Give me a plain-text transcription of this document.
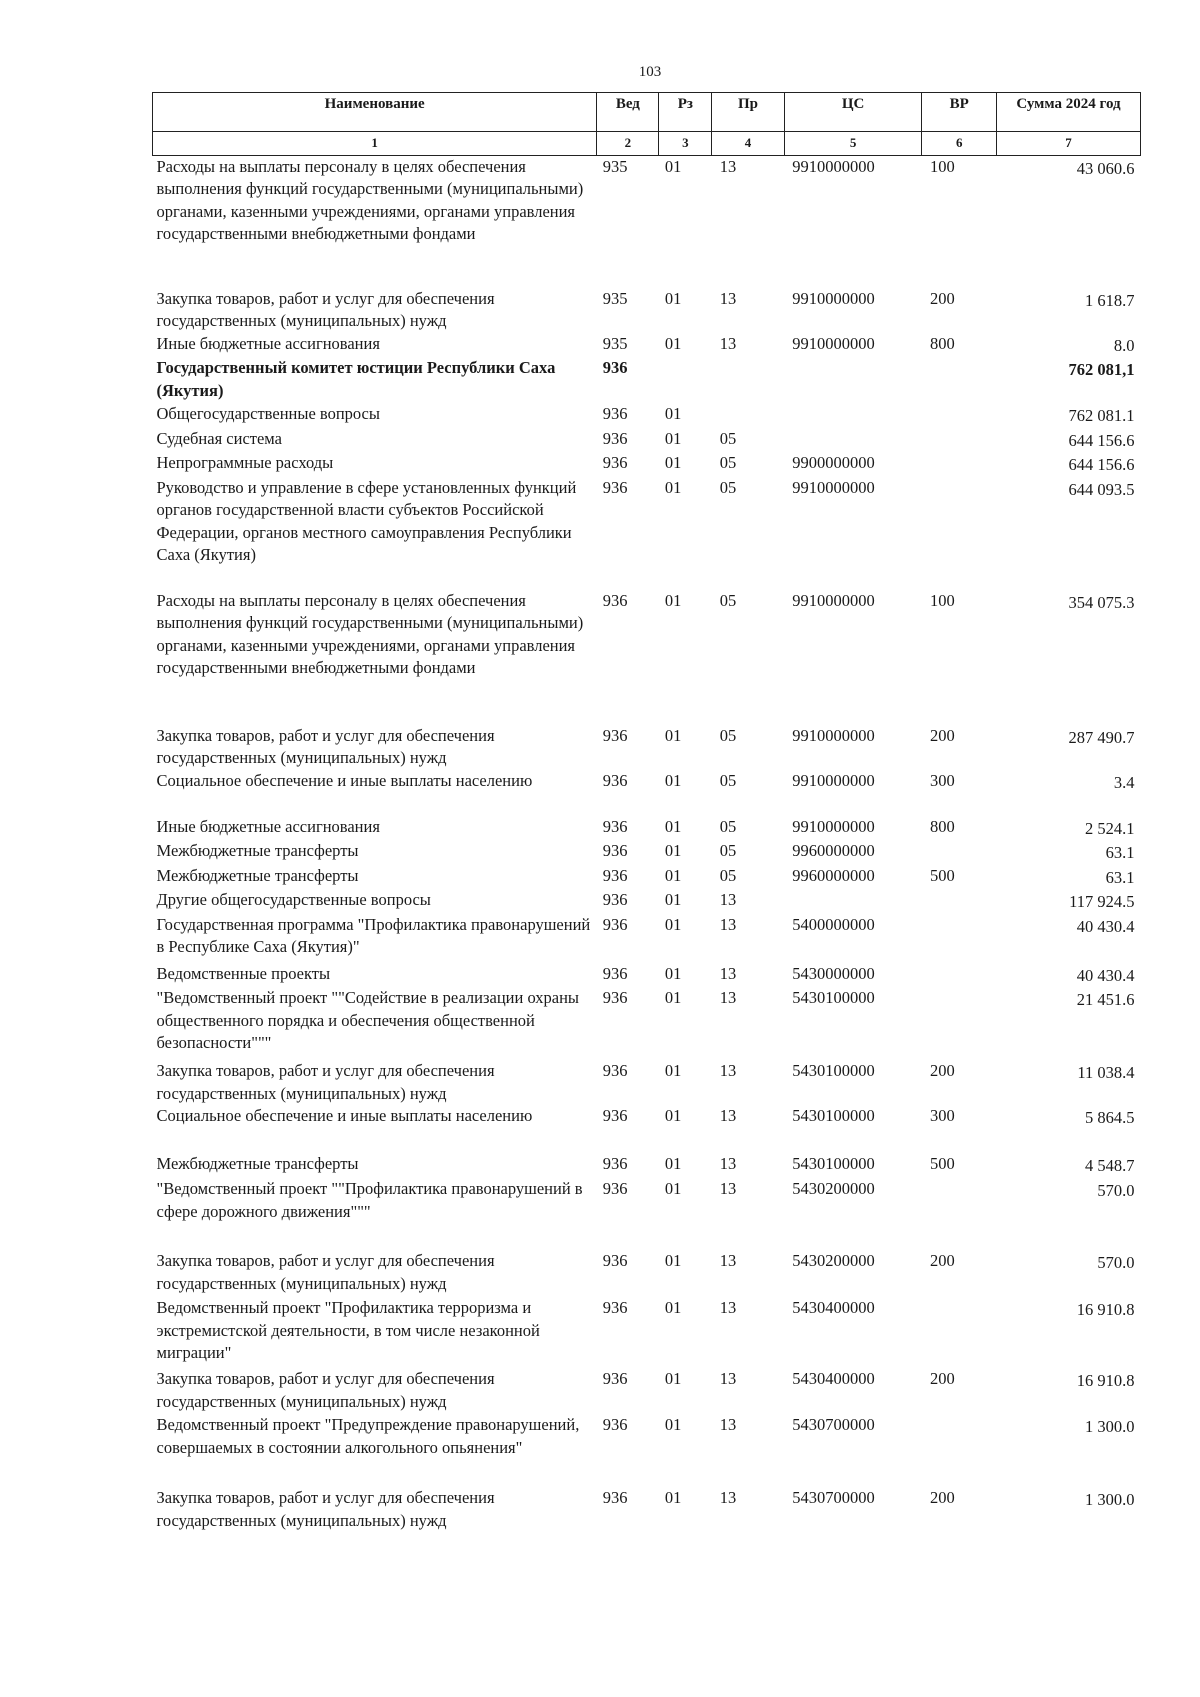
103
Наименование	Вед	Рз	Пр	ЦС	ВР	Сумма 2024 год
1	2	3	4	5	6	7
Расходы на выплаты персоналу в целях обеспечения выполнения функций государственными (муниципальными) органами, казенными учреждениями, органами управления государственными внебюджетными фондами	935	01	13	9910000000	100	43 060.6
Закупка товаров, работ и услуг для обеспечения государственных (муниципальных) нужд	935	01	13	9910000000	200	1 618.7
Иные бюджетные ассигнования	935	01	13	9910000000	800	8.0
Государственный комитет юстиции Республики Саха (Якутия)	936					762 081,1
Общегосударственные вопросы	936	01				762 081.1
Судебная система	936	01	05			644 156.6
Непрограммные расходы	936	01	05	9900000000		644 156.6
Руководство и управление в сфере установленных функций органов государственной власти субъектов Российской Федерации, органов местного самоуправления Республики Саха (Якутия)	936	01	05	9910000000		644 093.5
Расходы на выплаты персоналу в целях обеспечения выполнения функций государственными (муниципальными) органами, казенными учреждениями, органами управления государственными внебюджетными фондами	936	01	05	9910000000	100	354 075.3
Закупка товаров, работ и услуг для обеспечения государственных (муниципальных) нужд	936	01	05	9910000000	200	287 490.7
Социальное обеспечение и иные выплаты населению	936	01	05	9910000000	300	3.4
Иные бюджетные ассигнования	936	01	05	9910000000	800	2 524.1
Межбюджетные трансферты	936	01	05	9960000000		63.1
Межбюджетные трансферты	936	01	05	9960000000	500	63.1
Другие общегосударственные вопросы	936	01	13			117 924.5
Государственная программа "Профилактика правонарушений в Республике Саха (Якутия)"	936	01	13	5400000000		40 430.4
Ведомственные проекты	936	01	13	5430000000		40 430.4
"Ведомственный проект ""Содействие в реализации охраны общественного порядка и обеспечения общественной безопасности"""	936	01	13	5430100000		21 451.6
Закупка товаров, работ и услуг для обеспечения государственных (муниципальных) нужд	936	01	13	5430100000	200	11 038.4
Социальное обеспечение и иные выплаты населению	936	01	13	5430100000	300	5 864.5
Межбюджетные трансферты	936	01	13	5430100000	500	4 548.7
"Ведомственный проект ""Профилактика правонарушений в сфере дорожного движения"""	936	01	13	5430200000		570.0
Закупка товаров, работ и услуг для обеспечения государственных (муниципальных) нужд	936	01	13	5430200000	200	570.0
Ведомственный проект "Профилактика терроризма и экстремистской деятельности, в том числе незаконной миграции"	936	01	13	5430400000		16 910.8
Закупка товаров, работ и услуг для обеспечения государственных (муниципальных) нужд	936	01	13	5430400000	200	16 910.8
Ведомственный проект "Предупреждение правонарушений, совершаемых в состоянии алкогольного опьянения"	936	01	13	5430700000		1 300.0
Закупка товаров, работ и услуг для обеспечения государственных (муниципальных) нужд	936	01	13	5430700000	200	1 300.0
